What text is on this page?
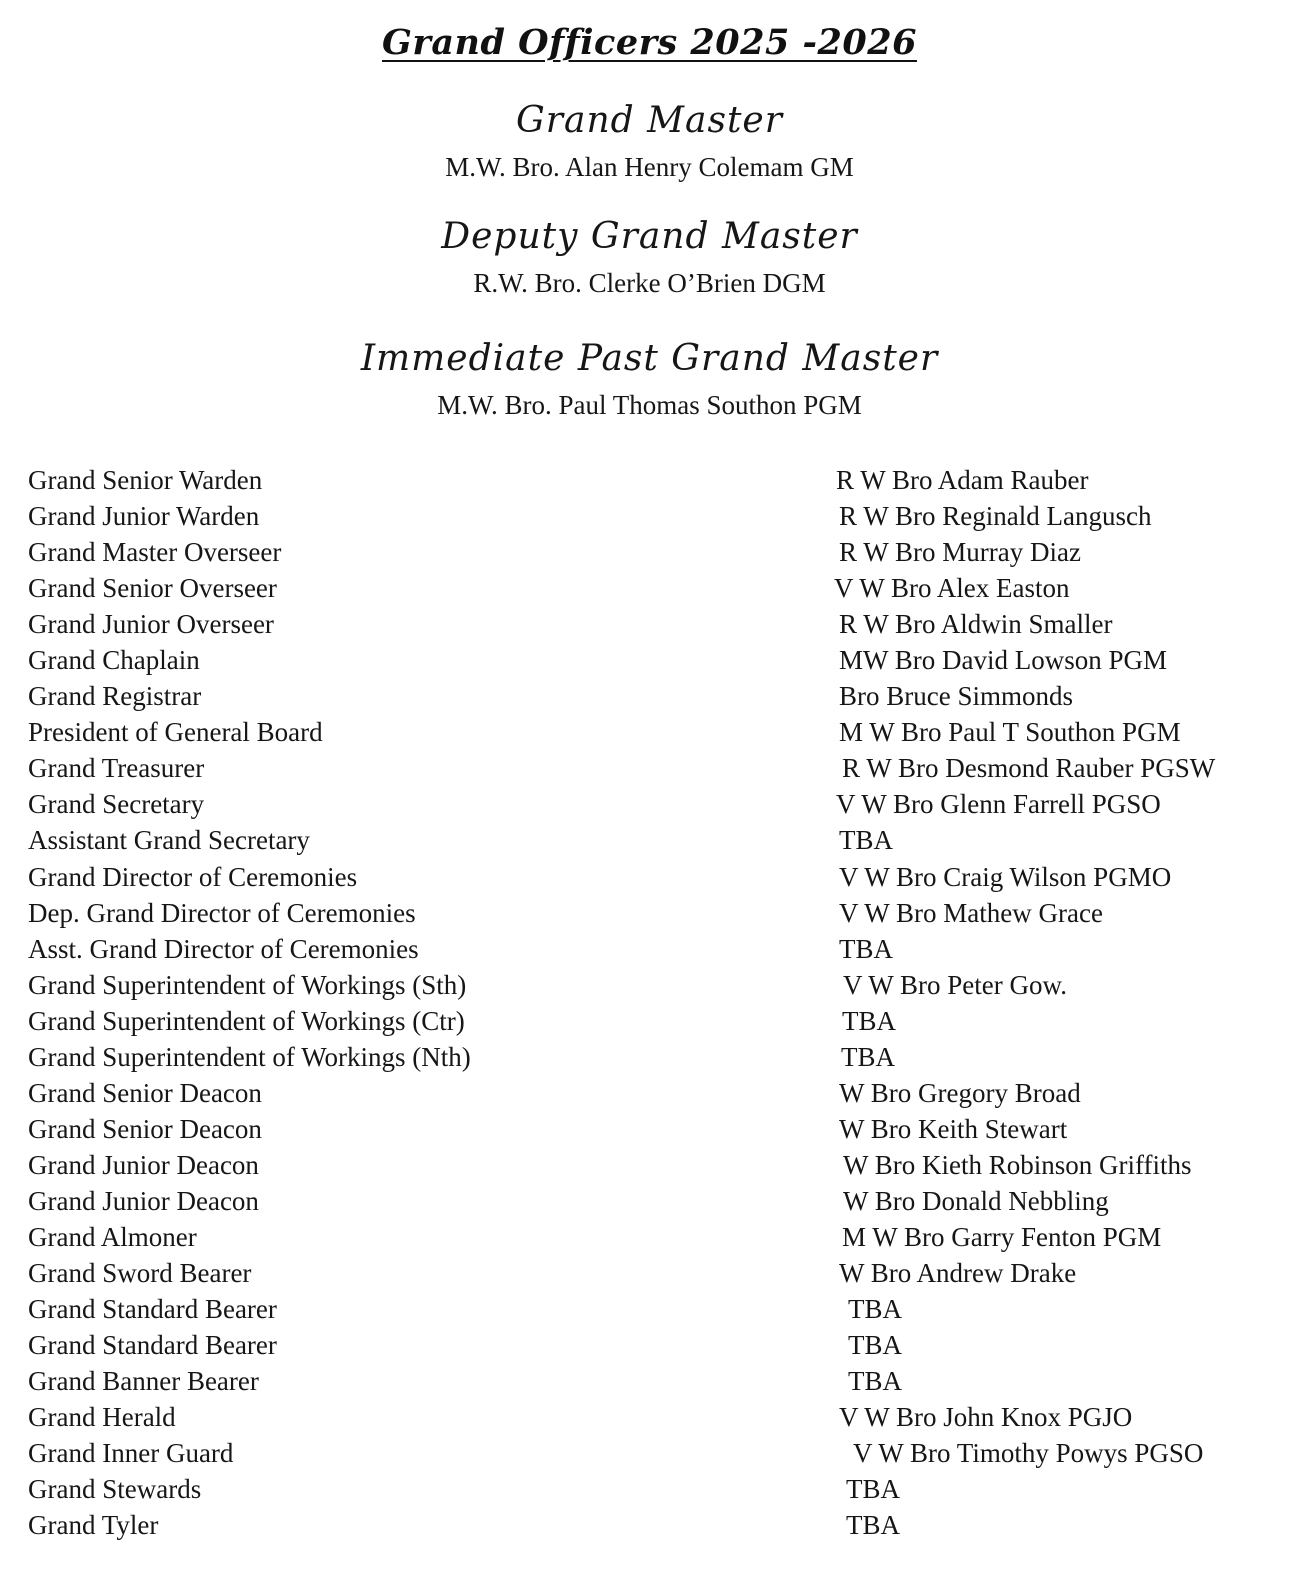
Grand Officers 2025 -2026
Grand Master
M.W. Bro. Alan Henry Colemam GM
Deputy Grand Master
R.W. Bro. Clerke O’Brien DGM
Immediate Past Grand Master
M.W. Bro. Paul Thomas Southon PGM
Grand Senior Warden	R W Bro Adam Rauber
Grand Junior Warden	R W Bro Reginald Langusch
Grand Master Overseer	R W Bro Murray Diaz
Grand Senior Overseer	V W Bro Alex Easton
Grand Junior Overseer	R W Bro Aldwin Smaller
Grand Chaplain	MW Bro David Lowson PGM
Grand Registrar	Bro Bruce Simmonds
President of General Board	M W Bro Paul T Southon PGM
Grand Treasurer	R W Bro Desmond Rauber PGSW
Grand Secretary	V W Bro Glenn Farrell PGSO
Assistant Grand Secretary	TBA
Grand Director of Ceremonies	V W Bro Craig Wilson PGMO
Dep. Grand Director of Ceremonies	V W Bro Mathew Grace
Asst. Grand Director of Ceremonies	TBA
Grand Superintendent of Workings (Sth)	V W Bro Peter Gow.
Grand Superintendent of Workings (Ctr)	TBA
Grand Superintendent of Workings (Nth)	TBA
Grand Senior Deacon	W Bro Gregory Broad
Grand Senior Deacon	W Bro Keith Stewart
Grand Junior Deacon	W Bro Kieth Robinson Griffiths
Grand Junior Deacon	W Bro Donald Nebbling
Grand Almoner	M W Bro Garry Fenton PGM
Grand Sword Bearer	W Bro Andrew Drake
Grand Standard Bearer	TBA
Grand Standard Bearer	TBA
Grand Banner Bearer	TBA
Grand Herald	V W Bro John Knox PGJO
Grand Inner Guard	V W Bro Timothy Powys PGSO
Grand Stewards	TBA
Grand Tyler	TBA
